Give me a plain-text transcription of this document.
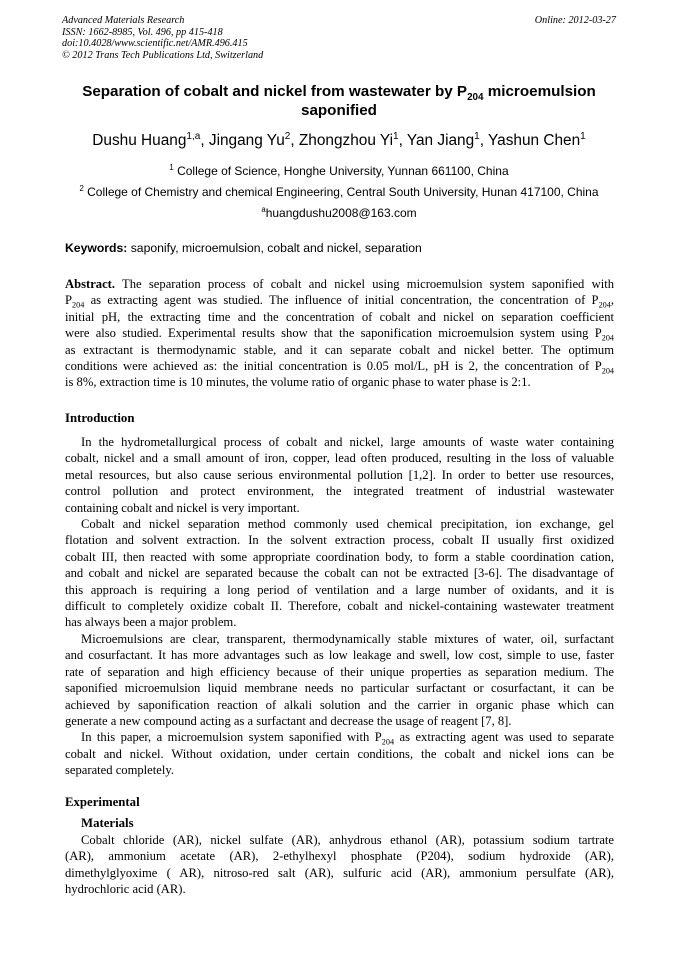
Advanced Materials Research
ISSN: 1662-8985, Vol. 496, pp 415-418
doi:10.4028/www.scientific.net/AMR.496.415
© 2012 Trans Tech Publications Ltd, Switzerland
Online: 2012-03-27
Separation of cobalt and nickel from wastewater by $P_{204}$ microemulsion
saponified
Dushu Huang$^{1,a}$, Jingang Yu$^2$, Zhongzhou Yi$^1$, Yan Jiang$^1$, Yashun Chen$^1$
$^1$ College of Science, Honghe University, Yunnan 661100, China
$^2$ College of Chemistry and chemical Engineering, Central South University, Hunan 417100, China
$^a$huangdushu2008@163.com
Keywords: saponify, microemulsion, cobalt and nickel, separation
Abstract. The separation process of cobalt and nickel using microemulsion system saponified with
$P_{204}$ as extracting agent was studied. The influence of initial concentration, the concentration of $P_{204}$,
initial pH, the extracting time and the concentration of cobalt and nickel on separation coefficient
were also studied. Experimental results show that the saponification microemulsion system using $P_{204}$
as extractant is thermodynamic stable, and it can separate cobalt and nickel better. The optimum
conditions were achieved as: the initial concentration is 0.05 mol/L, pH is 2, the concentration of $P_{204}$
is 8%, extraction time is 10 minutes, the volume ratio of organic phase to water phase is 2:1.
Introduction
In the hydrometallurgical process of cobalt and nickel, large amounts of waste water containing
cobalt, nickel and a small amount of iron, copper, lead often produced, resulting in the loss of valuable
metal resources, but also cause serious environmental pollution [1,2]. In order to better use resources,
control pollution and protect environment, the integrated treatment of industrial wastewater
containing cobalt and nickel is very important.
Cobalt and nickel separation method commonly used chemical precipitation, ion exchange, gel
flotation and solvent extraction. In the solvent extraction process, cobalt II usually first oxidized
cobalt III, then reacted with some appropriate coordination body, to form a stable coordination cation,
and cobalt and nickel are separated because the cobalt can not be extracted [3-6]. The disadvantage of
this approach is requiring a long period of ventilation and a large number of oxidants, and it is
difficult to completely oxidize cobalt II. Therefore, cobalt and nickel-containing wastewater treatment
has always been a major problem.
Microemulsions are clear, transparent, thermodynamically stable mixtures of water, oil, surfactant
and cosurfactant. It has more advantages such as low leakage and swell, low cost, simple to use, faster
rate of separation and high efficiency because of their unique properties as separation medium. The
saponified microemulsion liquid membrane needs no particular surfactant or cosurfactant, it can be
achieved by saponification reaction of alkali solution and the carrier in organic phase which can
generate a new compound acting as a surfactant and decrease the usage of reagent [7, 8].
In this paper, a microemulsion system saponified with $P_{204}$ as extracting agent was used to separate
cobalt and nickel. Without oxidation, under certain conditions, the cobalt and nickel ions can be
separated completely.
Experimental
Materials
Cobalt chloride (AR), nickel sulfate (AR), anhydrous ethanol (AR), potassium sodium tartrate
(AR), ammonium acetate (AR), 2-ethylhexyl phosphate (P204), sodium hydroxide (AR),
dimethylglyoxime ( AR), nitroso-red salt (AR), sulfuric acid (AR), ammonium persulfate (AR),
hydrochloric acid (AR).
